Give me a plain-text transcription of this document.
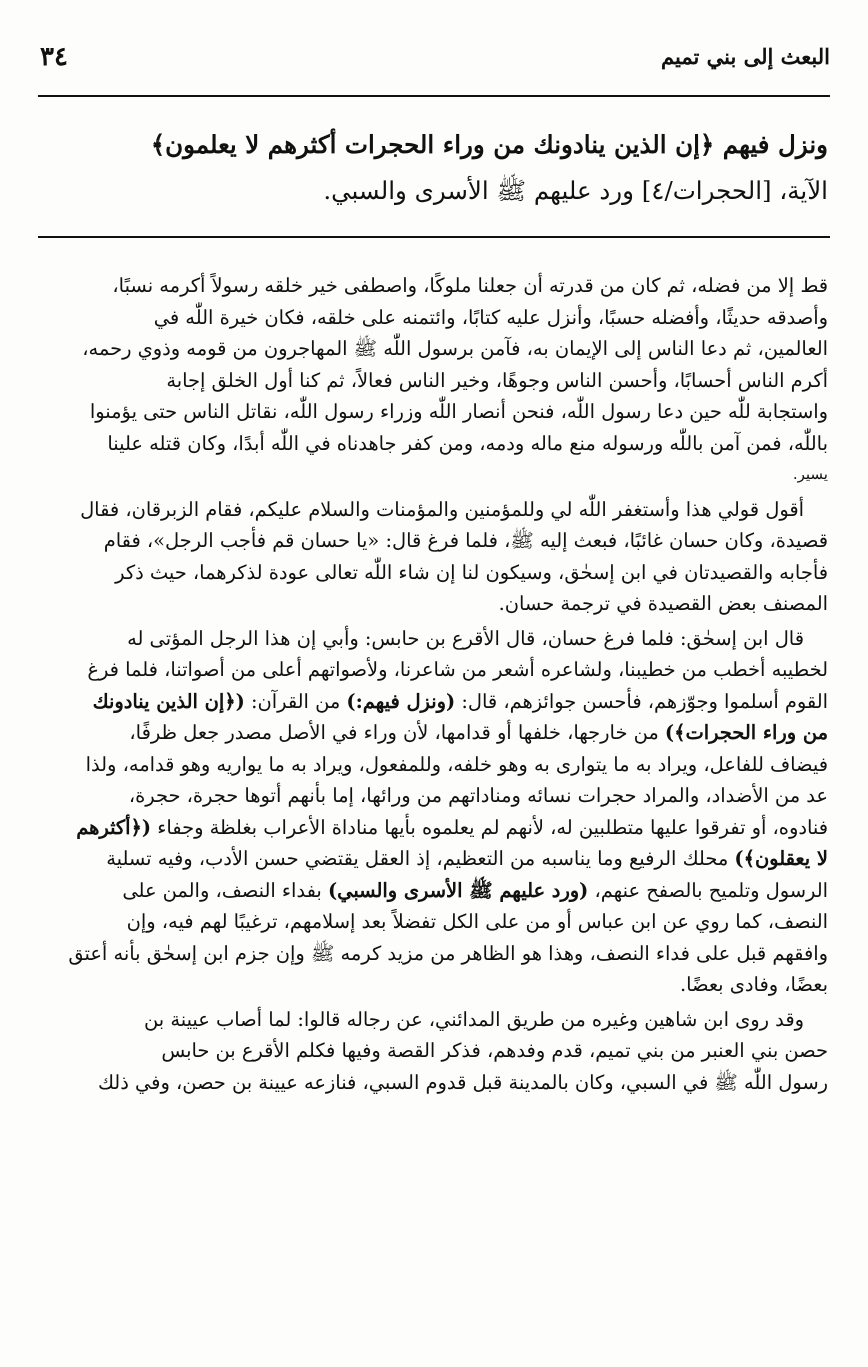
البعث إلى بني تميم
٣٤
ونزل فيهم ﴿إن الذين ينادونك من وراء الحجرات أكثرهم لا يعلمون﴾
الآية، [الحجرات/٤] ورد عليهم ﷺ الأسرى والسبي.

قط إلا من فضله، ثم كان من قدرته أن جعلنا ملوكًا، واصطفى خير خلقه رسولاً أكرمه نسبًا،
وأصدقه حديثًا، وأفضله حسبًا، وأنزل عليه كتابًا، وائتمنه على خلقه، فكان خيرة اللّٰه في
العالمين، ثم دعا الناس إلى الإيمان به، فآمن برسول اللّٰه ﷺ المهاجرون من قومه وذوي رحمه،
أكرم الناس أحسابًا، وأحسن الناس وجوهًا، وخير الناس فعالاً، ثم كنا أول الخلق إجابة
واستجابة للّٰه حين دعا رسول اللّٰه، فنحن أنصار اللّٰه وزراء رسول اللّٰه، نقاتل الناس حتى يؤمنوا
باللّٰه، فمن آمن باللّٰه ورسوله منع ماله ودمه، ومن كفر جاهدناه في اللّٰه أبدًا، وكان قتله علينا
يسير.

أقول قولي هذا وأستغفر اللّٰه لي وللمؤمنين والمؤمنات والسلام عليكم، فقام الزبرقان، فقال
قصيدة، وكان حسان غائبًا، فبعث إليه ﷺ، فلما فرغ قال: «يا حسان قم فأجب الرجل»، فقام
فأجابه والقصيدتان في ابن إسحٰق، وسيكون لنا إن شاء اللّٰه تعالى عودة لذكرهما، حيث ذكر
المصنف بعض القصيدة في ترجمة حسان.

قال ابن إسحٰق: فلما فرغ حسان، قال الأقرع بن حابس: وأبي إن هذا الرجل المؤتى له
لخطيبه أخطب من خطيبنا، ولشاعره أشعر من شاعرنا، ولأصواتهم أعلى من أصواتنا، فلما فرغ
القوم أسلموا وجوّزهم، فأحسن جوائزهم، قال: (ونزل فيهم:) من القرآن: (﴿إن الذين ينادونك
من وراء الحجرات﴾) من خارجها، خلفها أو قدامها، لأن وراء في الأصل مصدر جعل ظرفًا،
فيضاف للفاعل، ويراد به ما يتوارى به وهو خلفه، وللمفعول، ويراد به ما يواريه وهو قدامه، ولذا
عد من الأضداد، والمراد حجرات نسائه ومناداتهم من ورائها، إما بأنهم أتوها حجرة، حجرة،
فنادوه، أو تفرقوا عليها متطلبين له، لأنهم لم يعلموه بأيها مناداة الأعراب بغلظة وجفاء (﴿أكثرهم
لا يعقلون﴾) محلك الرفيع وما يناسبه من التعظيم، إذ العقل يقتضي حسن الأدب، وفيه تسلية
الرسول وتلميح بالصفح عنهم، (ورد عليهم ﷺ الأسرى والسبي) بفداء النصف، والمن على
النصف، كما روي عن ابن عباس أو من على الكل تفضلاً بعد إسلامهم، ترغيبًا لهم فيه، وإن
وافقهم قبل على فداء النصف، وهذا هو الظاهر من مزيد كرمه ﷺ وإن جزم ابن إسحٰق بأنه أعتق
بعضًا، وفادى بعضًا.

وقد روى ابن شاهين وغيره من طريق المدائني، عن رجاله قالوا: لما أصاب عيينة بن
حصن بني العنبر من بني تميم، قدم وفدهم، فذكر القصة وفيها فكلم الأقرع بن حابس
رسول اللّٰه ﷺ في السبي، وكان بالمدينة قبل قدوم السبي، فنازعه عيينة بن حصن، وفي ذلك
